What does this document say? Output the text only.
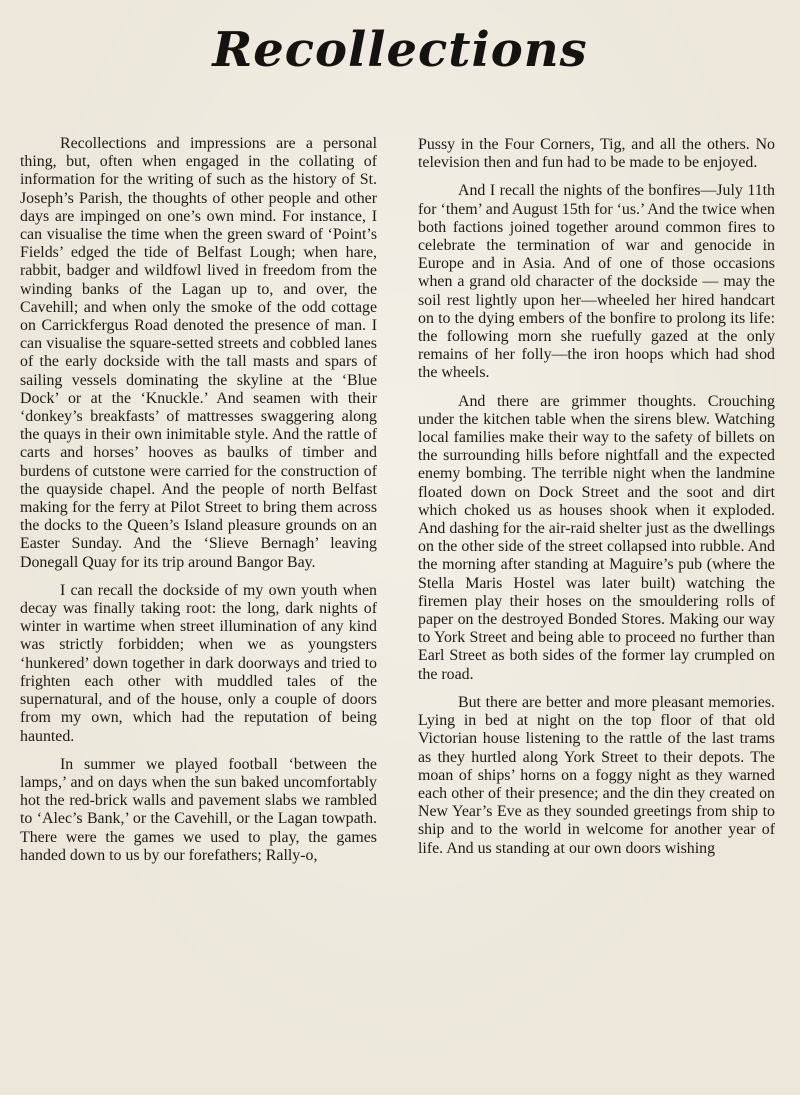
Recollections

Recollections and impressions are a personal thing, but, often when engaged in the collating of information for the writing of such as the history of St. Joseph’s Parish, the thoughts of other people and other days are impinged on one’s own mind. For instance, I can visualise the time when the green sward of ‘Point’s Fields’ edged the tide of Belfast Lough; when hare, rabbit, badger and wildfowl lived in freedom from the winding banks of the Lagan up to, and over, the Cavehill; and when only the smoke of the odd cottage on Carrickfergus Road denoted the presence of man. I can visualise the square-setted streets and cobbled lanes of the early dockside with the tall masts and spars of sailing vessels dominating the skyline at the ‘Blue Dock’ or at the ‘Knuckle.’ And seamen with their ‘donkey’s breakfasts’ of mattresses swaggering along the quays in their own inimitable style. And the rattle of carts and horses’ hooves as baulks of timber and burdens of cutstone were carried for the construction of the quayside chapel. And the people of north Belfast making for the ferry at Pilot Street to bring them across the docks to the Queen’s Island pleasure grounds on an Easter Sunday. And the ‘Slieve Bernagh’ leaving Donegall Quay for its trip around Bangor Bay.

I can recall the dockside of my own youth when decay was finally taking root: the long, dark nights of winter in wartime when street illumination of any kind was strictly forbidden; when we as youngsters ‘hunkered’ down together in dark doorways and tried to frighten each other with muddled tales of the supernatural, and of the house, only a couple of doors from my own, which had the reputation of being haunted.

In summer we played football ‘between the lamps,’ and on days when the sun baked uncomfortably hot the red-brick walls and pavement slabs we rambled to ‘Alec’s Bank,’ or the Cavehill, or the Lagan towpath. There were the games we used to play, the games handed down to us by our forefathers; Rally-o,

Pussy in the Four Corners, Tig, and all the others. No television then and fun had to be made to be enjoyed.

And I recall the nights of the bonfires—July 11th for ‘them’ and August 15th for ‘us.’ And the twice when both factions joined together around common fires to celebrate the termination of war and genocide in Europe and in Asia. And of one of those occasions when a grand old character of the dockside — may the soil rest lightly upon her—wheeled her hired handcart on to the dying embers of the bonfire to prolong its life: the following morn she ruefully gazed at the only remains of her folly—the iron hoops which had shod the wheels.

And there are grimmer thoughts. Crouching under the kitchen table when the sirens blew. Watching local families make their way to the safety of billets on the surrounding hills before nightfall and the expected enemy bombing. The terrible night when the landmine floated down on Dock Street and the soot and dirt which choked us as houses shook when it exploded. And dashing for the air-raid shelter just as the dwellings on the other side of the street collapsed into rubble. And the morning after standing at Maguire’s pub (where the Stella Maris Hostel was later built) watching the firemen play their hoses on the smouldering rolls of paper on the destroyed Bonded Stores. Making our way to York Street and being able to proceed no further than Earl Street as both sides of the former lay crumpled on the road.

But there are better and more pleasant memories. Lying in bed at night on the top floor of that old Victorian house listening to the rattle of the last trams as they hurtled along York Street to their depots. The moan of ships’ horns on a foggy night as they warned each other of their presence; and the din they created on New Year’s Eve as they sounded greetings from ship to ship and to the world in welcome for another year of life. And us standing at our own doors wishing
